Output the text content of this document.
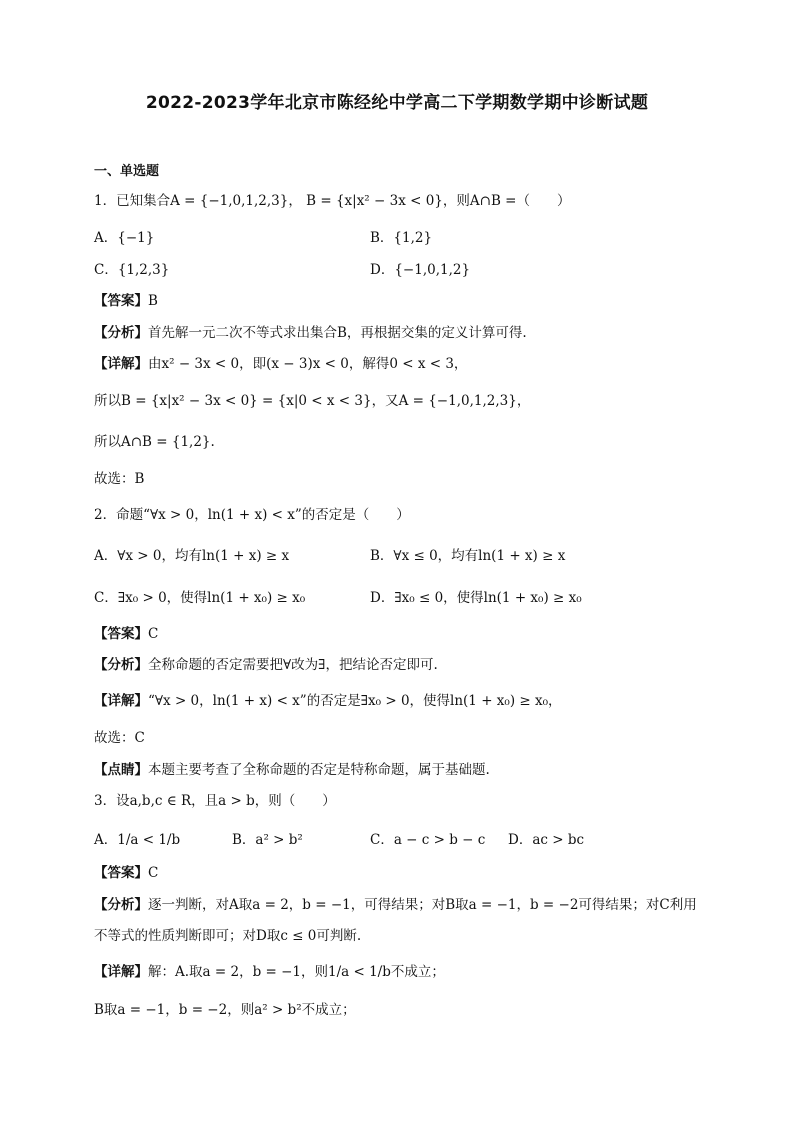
2022-2023学年北京市陈经纶中学高二下学期数学期中诊断试题
一、单选题
1．已知集合A = {−1,0,1,2,3}， B = {x|x² − 3x < 0}，则A∩B =（　　）
A．{−1}	B．{1,2}
C．{1,2,3}	D．{−1,0,1,2}
【答案】B
【分析】首先解一元二次不等式求出集合B，再根据交集的定义计算可得.
【详解】由x² − 3x < 0，即(x − 3)x < 0，解得0 < x < 3，
所以B = {x|x² − 3x < 0} = {x|0 < x < 3}，又A = {−1,0,1,2,3}，
所以A∩B = {1,2}.
故选：B
2．命题“∀x > 0，ln(1 + x) < x”的否定是（　　）
A．∀x > 0，均有ln(1 + x) ≥ x	B．∀x ≤ 0，均有ln(1 + x) ≥ x
C．∃x₀ > 0，使得ln(1 + x₀) ≥ x₀	D．∃x₀ ≤ 0，使得ln(1 + x₀) ≥ x₀
【答案】C
【分析】全称命题的否定需要把∀改为∃，把结论否定即可.
【详解】“∀x > 0，ln(1 + x) < x”的否定是∃x₀ > 0，使得ln(1 + x₀) ≥ x₀，
故选：C
【点睛】本题主要考查了全称命题的否定是特称命题，属于基础题.
3．设a,b,c ∈ R，且a > b，则（　　）
A．1/a < 1/b	B．a² > b²	C．a − c > b − c D．ac > bc
【答案】C
【分析】逐一判断，对A取a = 2，b = −1，可得结果；对B取a = −1，b = −2可得结果；对C利用
不等式的性质判断即可；对D取c ≤ 0可判断.
【详解】解：A.取a = 2，b = −1，则1/a < 1/b不成立；
B取a = −1，b = −2，则a² > b²不成立；
